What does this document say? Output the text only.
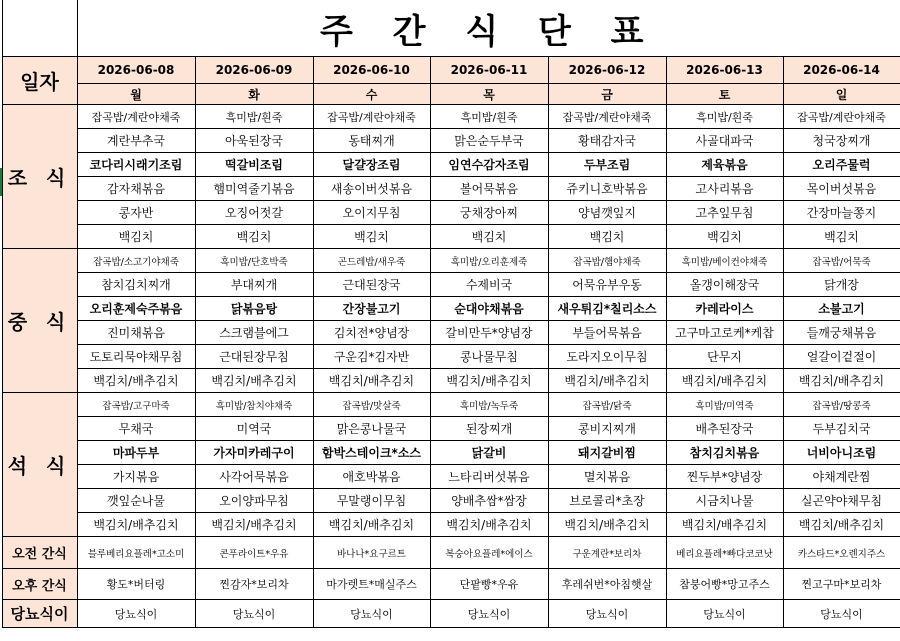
		주 간 식 단 표						
	일자	2026-06-08	2026-06-09	2026-06-10	2026-06-11	2026-06-12	2026-06-13	2026-06-14
		월	화	수	목	금	토	일
	조 식	잡곡밥/계란야채죽	흑미밥/흰죽	잡곡밥/계란야채죽	흑미밥/흰죽	잡곡밥/계란야채죽	흑미밥/흰죽	잡곡밥/계란야채죽
		계란부추국	아욱된장국	동태찌개	맑은순두부국	황태감자국	사골대파국	청국장찌개
		코다리시래기조림	떡갈비조림	달걀장조림	임연수감자조림	두부조림	제육볶음	오리주물럭
		감자채볶음	햄미역줄기볶음	새송이버섯볶음	볼어묵볶음	쥬키니호박볶음	고사리볶음	목이버섯볶음
		콩자반	오징어젓갈	오이지무침	궁채장아찌	양념깻잎지	고추잎무침	간장마늘쫑지
		백김치	백김치	백김치	백김치	백김치	백김치	백김치
	중 식	잡곡밥/소고기야채죽	흑미밥/단호박죽	곤드레밥/새우죽	흑미밥/오리훈제죽	잡곡밥/햄야채죽	흑미밥/베이컨야채죽	잡곡밥/어묵죽
		참치김치찌개	부대찌개	근대된장국	수제비국	어묵유부우동	올갱이해장국	닭개장
		오리훈제숙주볶음	닭볶음탕	간장불고기	순대야채볶음	새우튀김*칠리소스	카레라이스	소불고기
		진미채볶음	스크램블에그	김치전*양념장	갈비만두*양념장	부들어묵볶음	고구마고로케*케찹	들깨궁채볶음
		도토리묵야채무침	근대된장무침	구운김*김자반	콩나물무침	도라지오이무침	단무지	얼갈이겉절이
		백김치/배추김치	백김치/배추김치	백김치/배추김치	백김치/배추김치	백김치/배추김치	백김치/배추김치	백김치/배추김치
	석 식	잡곡밥/고구마죽	흑미밥/참치야채죽	잡곡밥/맛살죽	흑미밥/녹두죽	잡곡밥/닭죽	흑미밥/미역죽	잡곡밥/땅콩죽
		무채국	미역국	맑은콩나물국	된장찌개	콩비지찌개	배추된장국	두부김치국
		마파두부	가자미카레구이	함박스테이크*소스	닭갈비	돼지갈비찜	참치김치볶음	너비아니조림
		가지볶음	사각어묵볶음	애호박볶음	느타리버섯볶음	멸치볶음	찐두부*양념장	야채계란찜
		깻잎순나물	오이양파무침	무말랭이무침	양배추쌈*쌈장	브로콜리*초장	시금치나물	실곤약야채무침
		백김치/배추김치	백김치/배추김치	백김치/배추김치	백김치/배추김치	백김치/배추김치	백김치/배추김치	백김치/배추김치
	오전 간식	블루베리요플레*고소미	콘푸라이트*우유	바나나*요구르트	복숭아요플레*에이스	구운계란*보리차	베리요플레*빠다코코낫	카스타드*오렌지주스
	오후 간식	황도*버터링	찐감자*보리차	마가렛트*매실주스	단팥빵*우유	후레쉬번*아침햇살	참붕어빵*망고주스	찐고구마*보리차
	당뇨식이	당뇨식이	당뇨식이	당뇨식이	당뇨식이	당뇨식이	당뇨식이	당뇨식이
